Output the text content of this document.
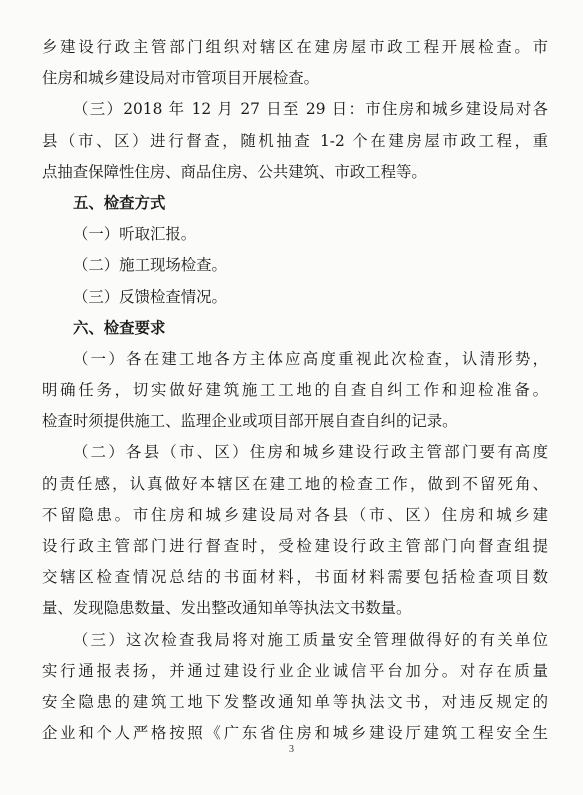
乡建设行政主管部门组织对辖区在建房屋市政工程开展检查。市
住房和城乡建设局对市管项目开展检查。
（三）2018 年 12 月 27 日至 29 日：市住房和城乡建设局对各
县（市、区）进行督查，随机抽查 1-2 个在建房屋市政工程，重
点抽查保障性住房、商品住房、公共建筑、市政工程等。
五、检查方式
（一）听取汇报。
（二）施工现场检查。
（三）反馈检查情况。
六、检查要求
（一）各在建工地各方主体应高度重视此次检查，认清形势，
明确任务，切实做好建筑施工工地的自查自纠工作和迎检准备。
检查时须提供施工、监理企业或项目部开展自查自纠的记录。
（二）各县（市、区）住房和城乡建设行政主管部门要有高度
的责任感，认真做好本辖区在建工地的检查工作，做到不留死角、
不留隐患。市住房和城乡建设局对各县（市、区）住房和城乡建
设行政主管部门进行督查时，受检建设行政主管部门向督查组提
交辖区检查情况总结的书面材料，书面材料需要包括检查项目数
量、发现隐患数量、发出整改通知单等执法文书数量。
（三）这次检查我局将对施工质量安全管理做得好的有关单位
实行通报表扬，并通过建设行业企业诚信平台加分。对存在质量
安全隐患的建筑工地下发整改通知单等执法文书，对违反规定的
企业和个人严格按照《广东省住房和城乡建设厅建筑工程安全生
3
